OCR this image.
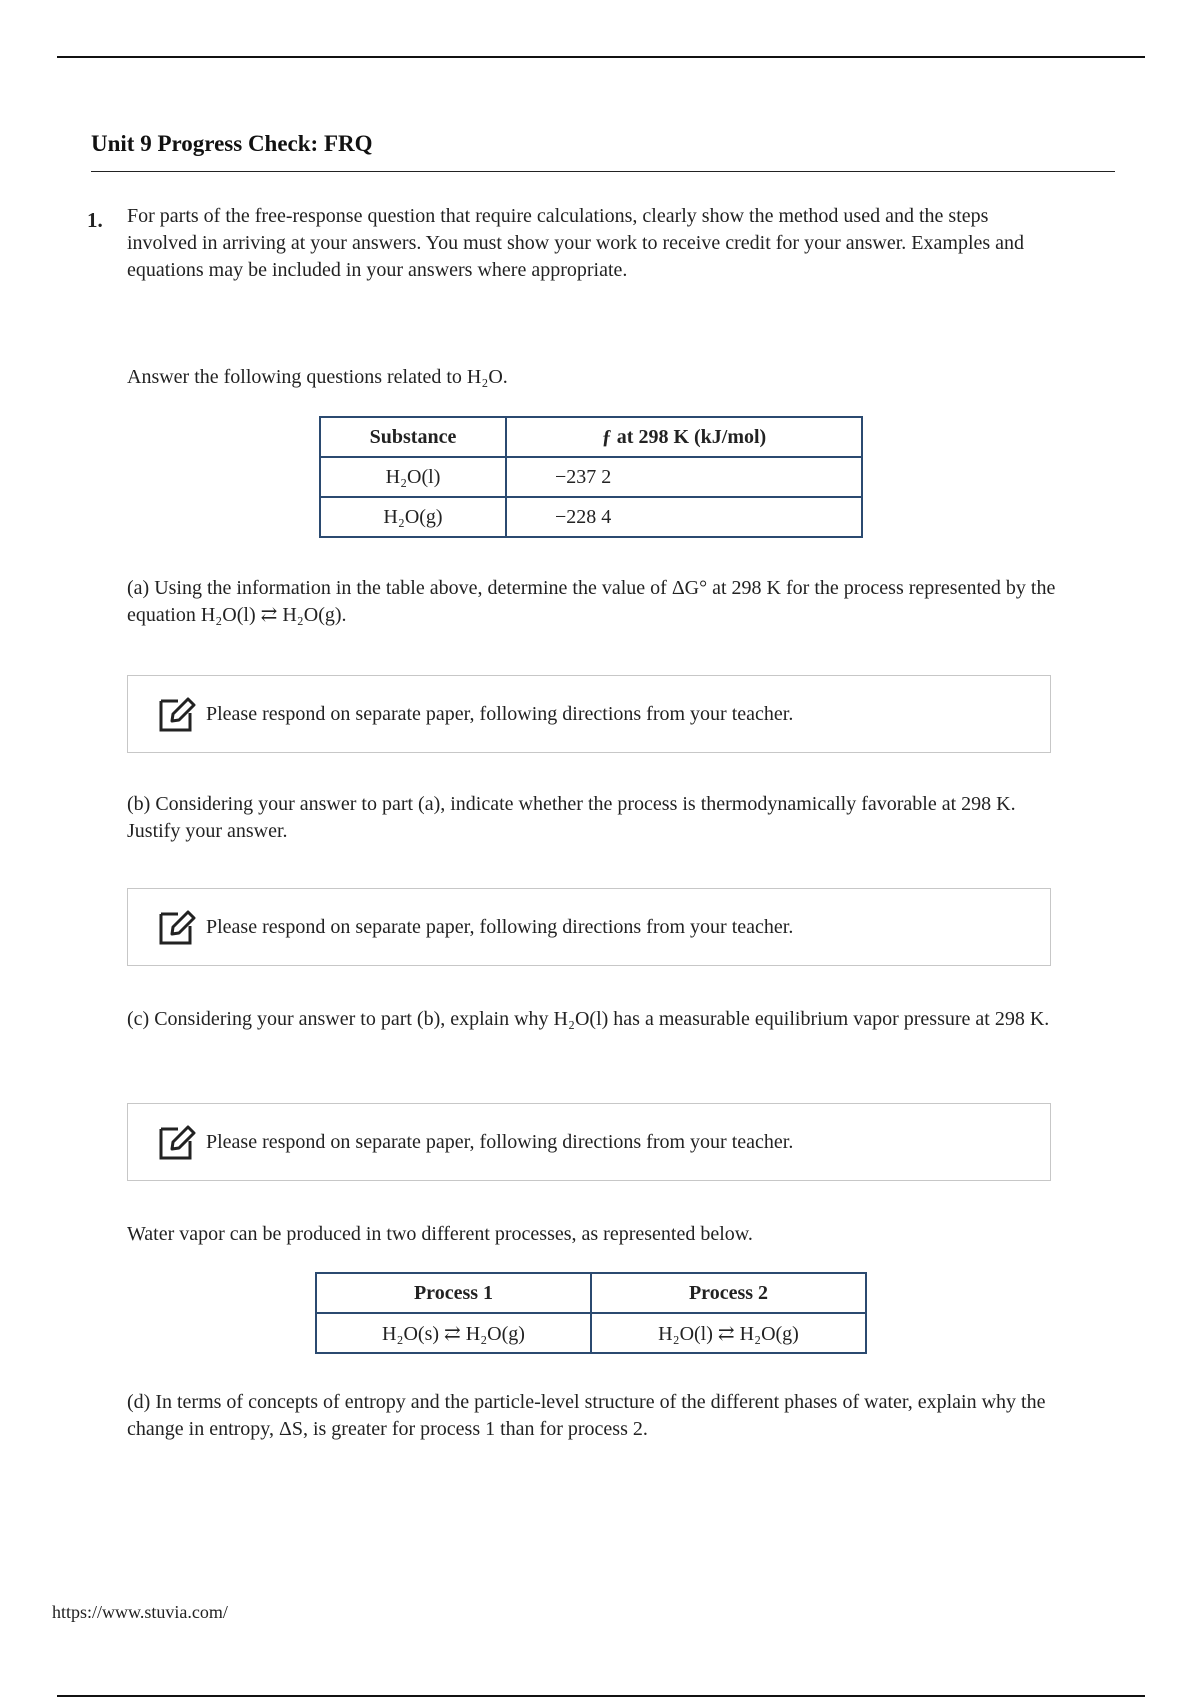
Unit 9 Progress Check: FRQ
1. For parts of the free-response question that require calculations, clearly show the method used and the steps involved in arriving at your answers. You must show your work to receive credit for your answer. Examples and equations may be included in your answers where appropriate.

Answer the following questions related to H₂O.

Substance	ƒ at 298 K (kJ/mol)
H₂O(l)	−237 2
H₂O(g)	−228 4

(a) Using the information in the table above, determine the value of ΔG° at 298 K for the process represented by the equation H₂O(l) ⇄ H₂O(g).

Please respond on separate paper, following directions from your teacher.

(b) Considering your answer to part (a), indicate whether the process is thermodynamically favorable at 298 K. Justify your answer.

Please respond on separate paper, following directions from your teacher.

(c) Considering your answer to part (b), explain why H₂O(l) has a measurable equilibrium vapor pressure at 298 K.

Please respond on separate paper, following directions from your teacher.

Water vapor can be produced in two different processes, as represented below.

Process 1	Process 2
H₂O(s) ⇄ H₂O(g)	H₂O(l) ⇄ H₂O(g)

(d) In terms of concepts of entropy and the particle-level structure of the different phases of water, explain why the change in entropy, ΔS, is greater for process 1 than for process 2.

https://www.stuvia.com/
